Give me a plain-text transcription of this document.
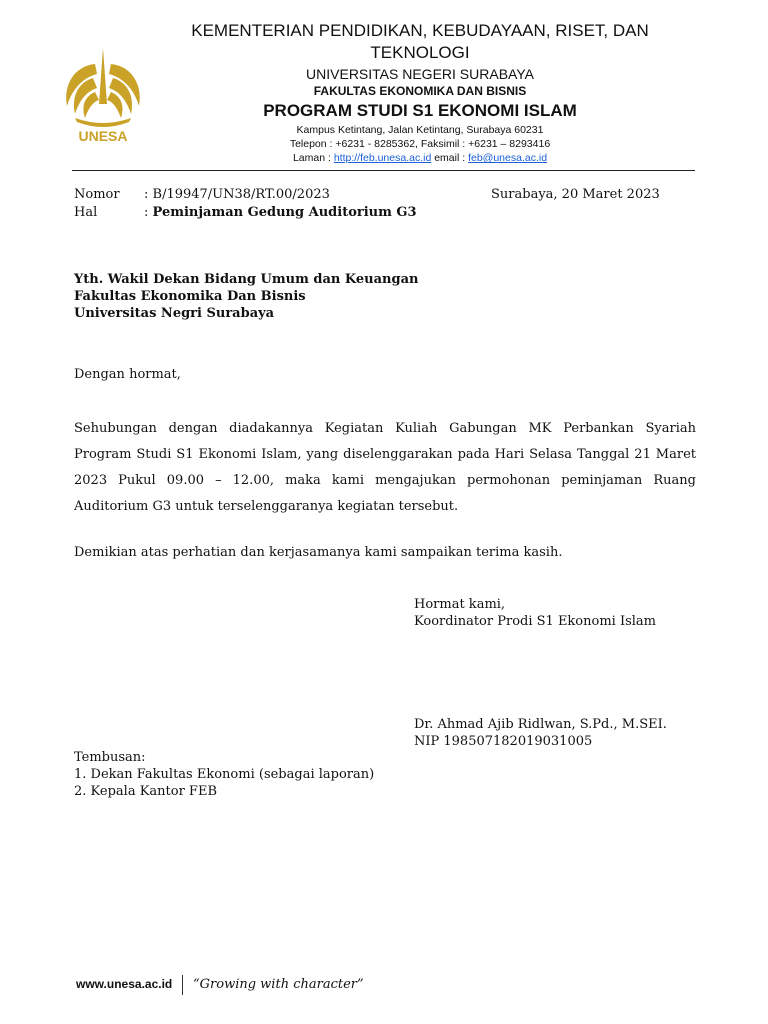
UNESA
KEMENTERIAN PENDIDIKAN, KEBUDAYAAN, RISET, DAN TEKNOLOGI
UNIVERSITAS NEGERI SURABAYA
FAKULTAS EKONOMIKA DAN BISNIS
PROGRAM STUDI S1 EKONOMI ISLAM
Kampus Ketintang, Jalan Ketintang, Surabaya 60231
Telepon : +6231 - 8285362, Faksimil : +6231 – 8293416
Laman : http://feb.unesa.ac.id email : feb@unesa.ac.id
Nomor : B/19947/UN38/RT.00/2023	Surabaya, 20 Maret 2023
Hal	: Peminjaman Gedung Auditorium G3
Yth. Wakil Dekan Bidang Umum dan Keuangan
Fakultas Ekonomika Dan Bisnis
Universitas Negri Surabaya
Dengan hormat,
Sehubungan dengan diadakannya Kegiatan Kuliah Gabungan MK Perbankan Syariah Program Studi S1 Ekonomi Islam, yang diselenggarakan pada Hari Selasa Tanggal 21 Maret 2023 Pukul 09.00 – 12.00, maka kami mengajukan permohonan peminjaman Ruang Auditorium G3 untuk terselenggaranya kegiatan tersebut.
Demikian atas perhatian dan kerjasamanya kami sampaikan terima kasih.
Hormat kami,
Koordinator Prodi S1 Ekonomi Islam
Dr. Ahmad Ajib Ridlwan, S.Pd., M.SEI.
NIP 198507182019031005
Tembusan:
1. Dekan Fakultas Ekonomi (sebagai laporan)
2. Kepala Kantor FEB
www.unesa.ac.id “Growing with character”
